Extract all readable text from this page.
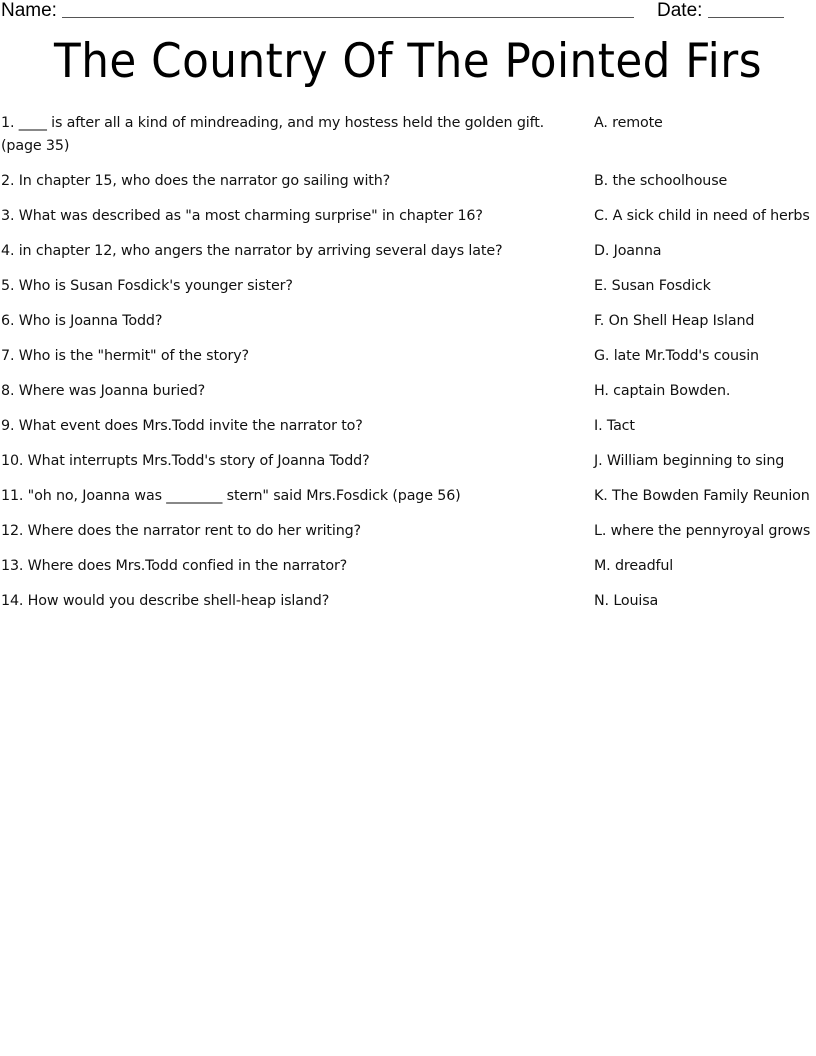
Name:	Date:
The Country Of The Pointed Firs
1. ____ is after all a kind of mindreading, and my hostess held the golden gift. (page 35)
2. In chapter 15, who does the narrator go sailing with?
3. What was described as "a most charming surprise" in chapter 16?
4. in chapter 12, who angers the narrator by arriving several days late?
5. Who is Susan Fosdick's younger sister?
6. Who is Joanna Todd?
7. Who is the "hermit" of the story?
8. Where was Joanna buried?
9. What event does Mrs.Todd invite the narrator to?
10. What interrupts Mrs.Todd's story of Joanna Todd?
11. "oh no, Joanna was ________ stern" said Mrs.Fosdick (page 56)
12. Where does the narrator rent to do her writing?
13. Where does Mrs.Todd confied in the narrator?
14. How would you describe shell-heap island?
A. remote
B. the schoolhouse
C. A sick child in need of herbs
D. Joanna
E. Susan Fosdick
F. On Shell Heap Island
G. late Mr.Todd's cousin
H. captain Bowden.
I. Tact
J. William beginning to sing
K. The Bowden Family Reunion
L. where the pennyroyal grows
M. dreadful
N. Louisa
